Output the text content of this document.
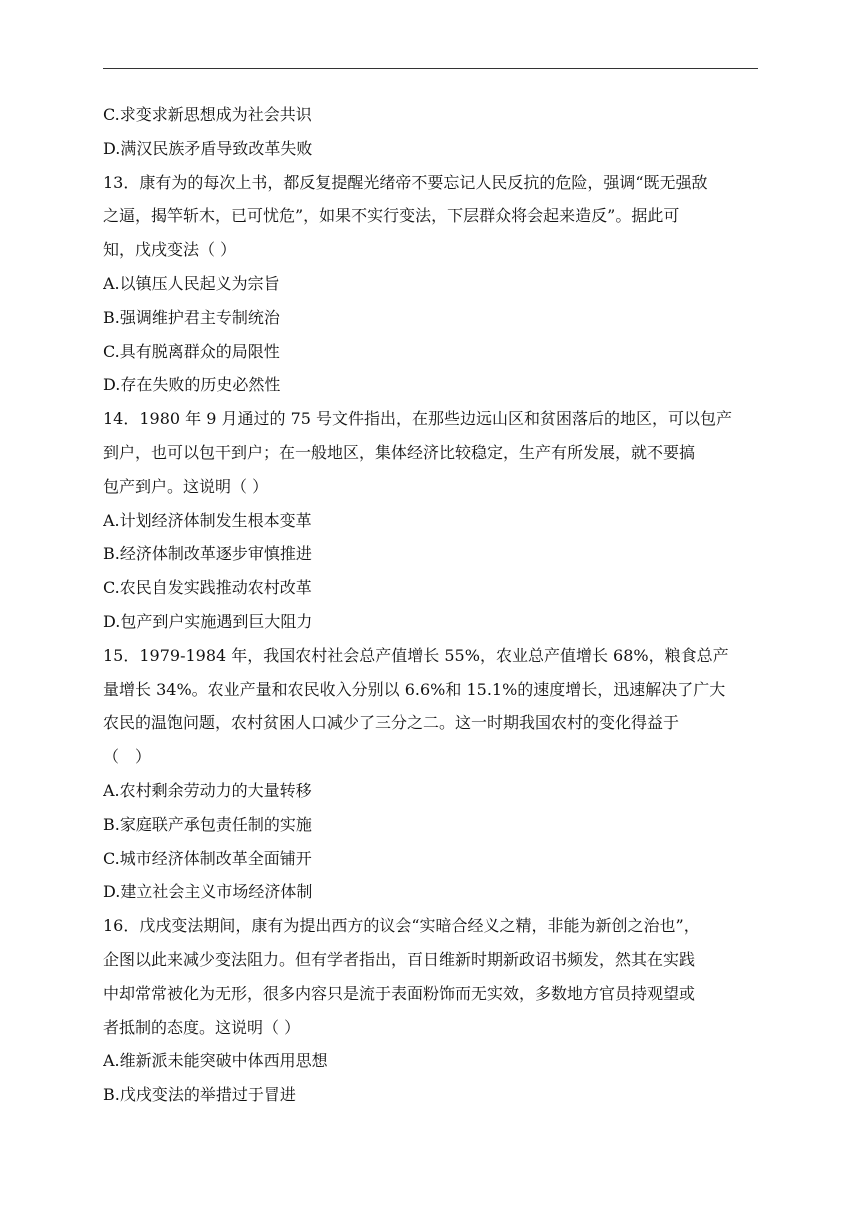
C.求变求新思想成为社会共识
D.满汉民族矛盾导致改革失败
13．康有为的每次上书，都反复提醒光绪帝不要忘记人民反抗的危险，强调“既无强敌
之逼，揭竿斩木，已可忧危”，如果不实行变法，下层群众将会起来造反”。据此可
知，戊戌变法（ ）
A.以镇压人民起义为宗旨
B.强调维护君主专制统治
C.具有脱离群众的局限性
D.存在失败的历史必然性
14．1980 年 9 月通过的 75 号文件指出，在那些边远山区和贫困落后的地区，可以包产
到户，也可以包干到户；在一般地区，集体经济比较稳定，生产有所发展，就不要搞
包产到户。这说明（ ）
A.计划经济体制发生根本变革
B.经济体制改革逐步审慎推进
C.农民自发实践推动农村改革
D.包产到户实施遇到巨大阻力
15．1979-1984 年，我国农村社会总产值增长 55%，农业总产值增长 68%，粮食总产
量增长 34%。农业产量和农民收入分别以 6.6%和 15.1%的速度增长，迅速解决了广大
农民的温饱问题，农村贫困人口减少了三分之二。这一时期我国农村的变化得益于
（　）
A.农村剩余劳动力的大量转移
B.家庭联产承包责任制的实施
C.城市经济体制改革全面铺开
D.建立社会主义市场经济体制
16．戊戌变法期间，康有为提出西方的议会“实暗合经义之精，非能为新创之治也”，
企图以此来减少变法阻力。但有学者指出，百日维新时期新政诏书频发，然其在实践
中却常常被化为无形，很多内容只是流于表面粉饰而无实效，多数地方官员持观望或
者抵制的态度。这说明（ ）
A.维新派未能突破中体西用思想
B.戊戌变法的举措过于冒进
